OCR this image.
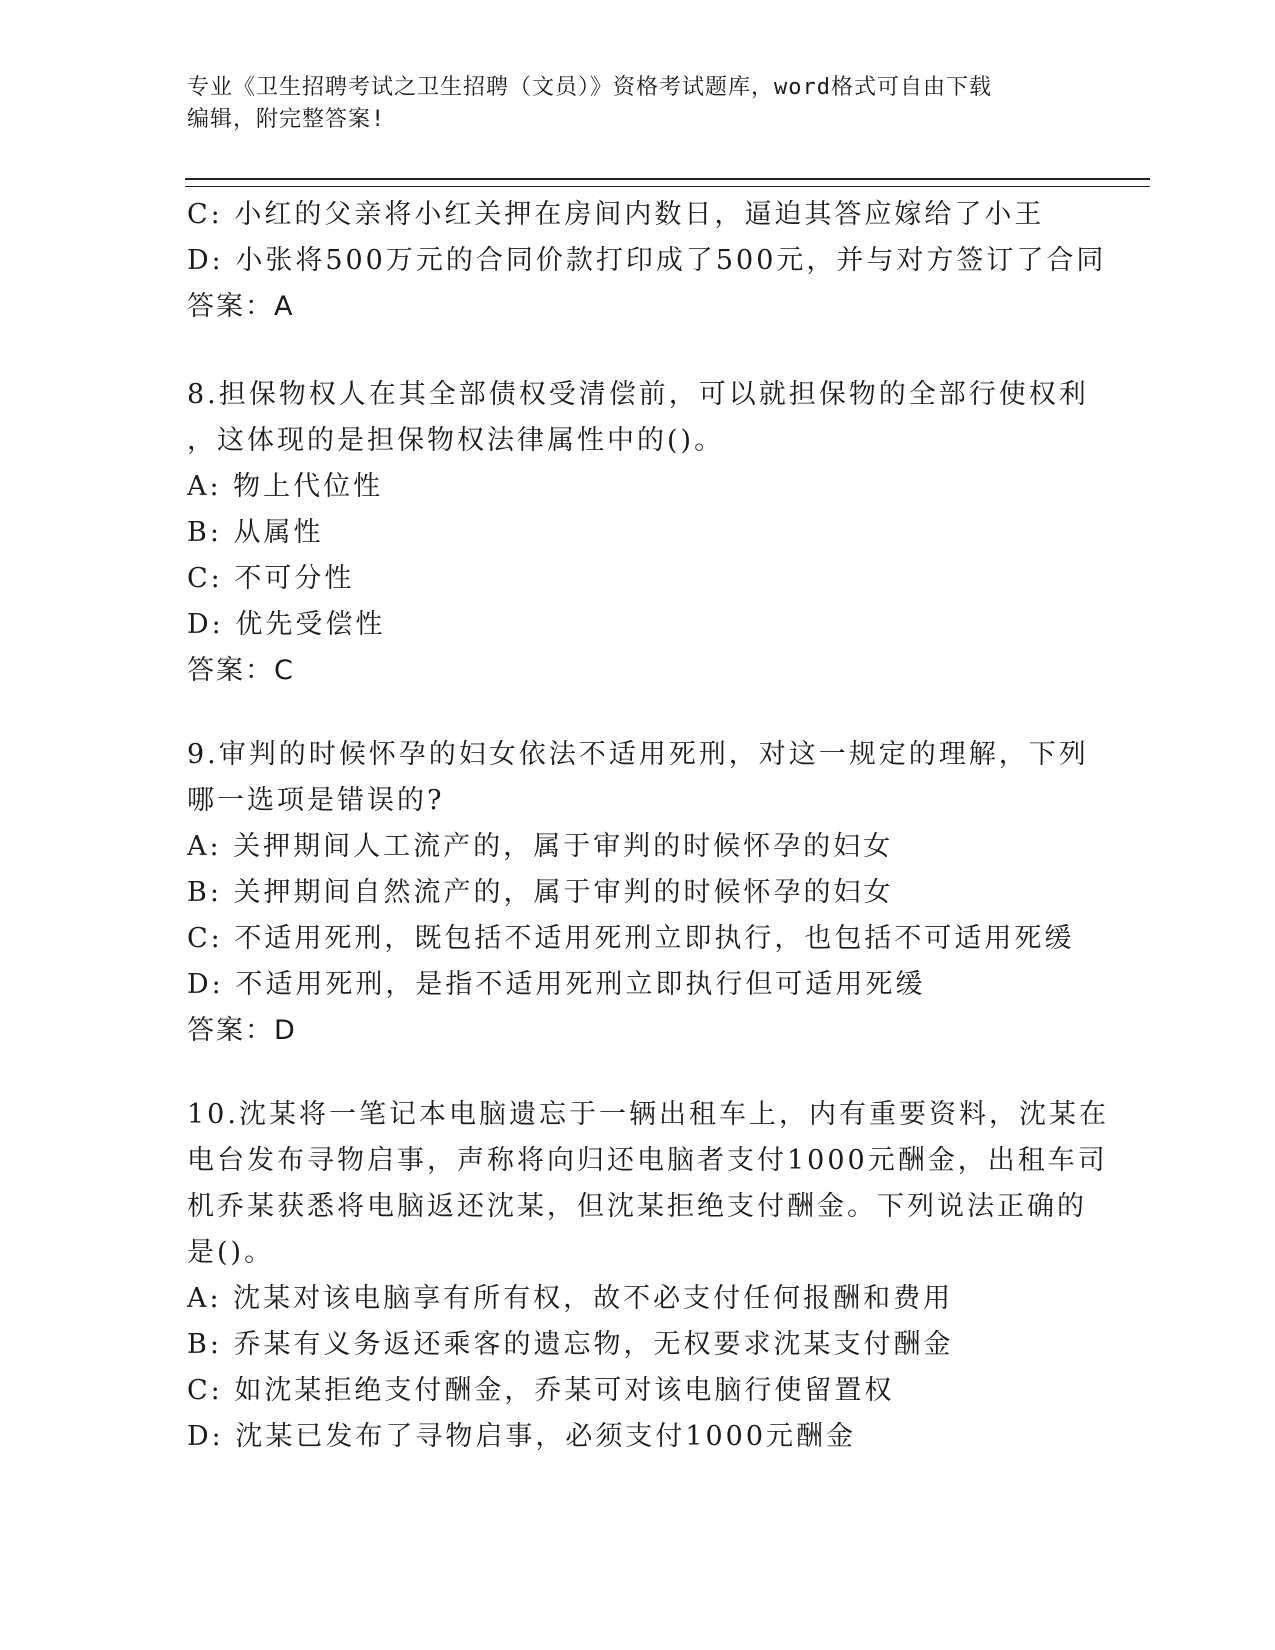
专业《卫生招聘考试之卫生招聘（文员）》资格考试题库，word格式可自由下载
编辑，附完整答案!
C: 小红的父亲将小红关押在房间内数日，逼迫其答应嫁给了小王
D: 小张将500万元的合同价款打印成了500元，并与对方签订了合同
答案：A
8.担保物权人在其全部债权受清偿前，可以就担保物的全部行使权利
，这体现的是担保物权法律属性中的()。
A: 物上代位性
B: 从属性
C: 不可分性
D: 优先受偿性
答案：C
9.审判的时候怀孕的妇女依法不适用死刑，对这一规定的理解，下列
哪一选项是错误的?
A: 关押期间人工流产的，属于审判的时候怀孕的妇女
B: 关押期间自然流产的，属于审判的时候怀孕的妇女
C: 不适用死刑，既包括不适用死刑立即执行，也包括不可适用死缓
D: 不适用死刑，是指不适用死刑立即执行但可适用死缓
答案：D
10.沈某将一笔记本电脑遗忘于一辆出租车上，内有重要资料，沈某在
电台发布寻物启事，声称将向归还电脑者支付1000元酬金，出租车司
机乔某获悉将电脑返还沈某，但沈某拒绝支付酬金。下列说法正确的
是()。
A: 沈某对该电脑享有所有权，故不必支付任何报酬和费用
B: 乔某有义务返还乘客的遗忘物，无权要求沈某支付酬金
C: 如沈某拒绝支付酬金，乔某可对该电脑行使留置权
D: 沈某已发布了寻物启事，必须支付1000元酬金
